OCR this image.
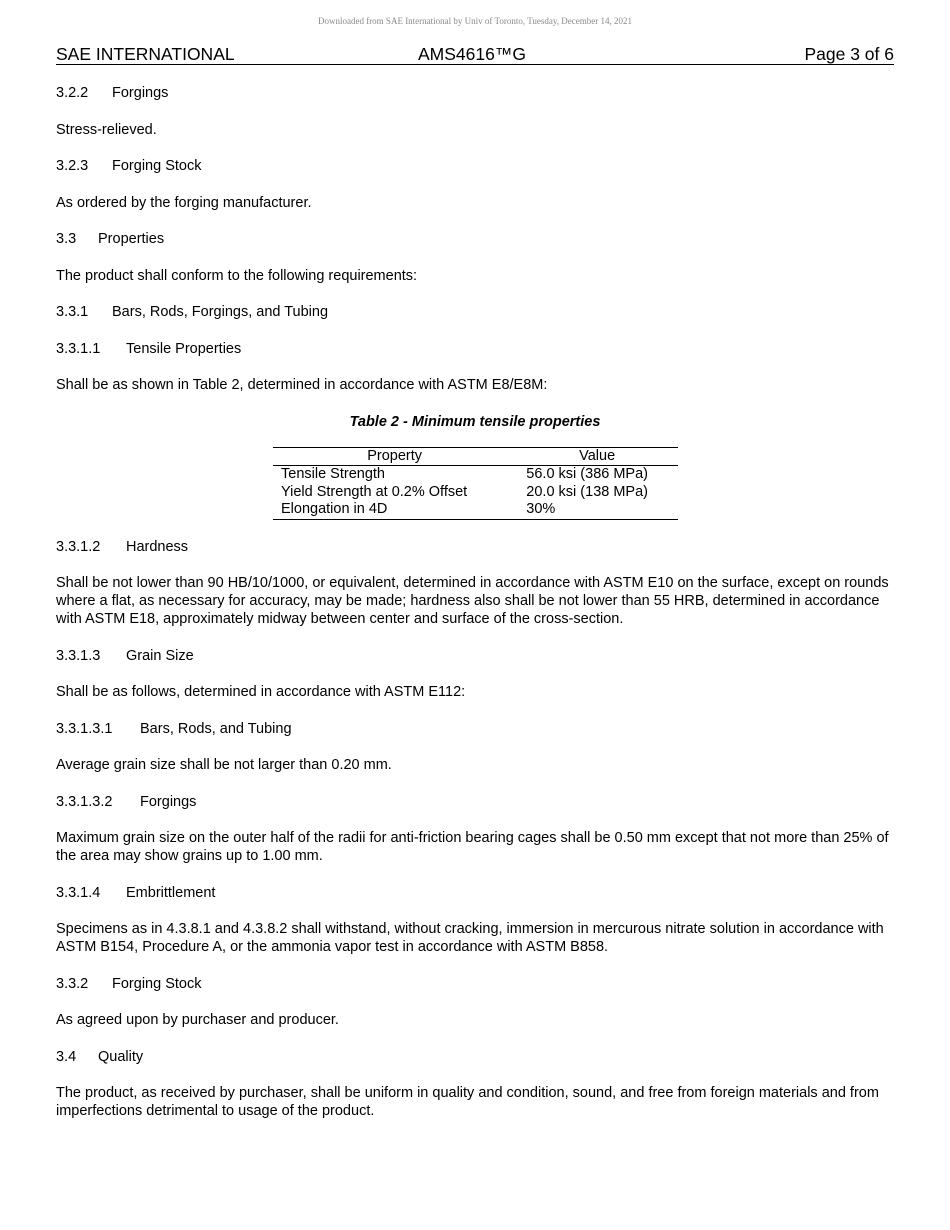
Downloaded from SAE International by Univ of Toronto, Tuesday, December 14, 2021
SAE INTERNATIONAL	AMS4616™G	Page 3 of 6

3.2.2 Forgings

Stress-relieved.

3.2.3 Forging Stock

As ordered by the forging manufacturer.

3.3 Properties

The product shall conform to the following requirements:

3.3.1 Bars, Rods, Forgings, and Tubing

3.3.1.1 Tensile Properties

Shall be as shown in Table 2, determined in accordance with ASTM E8/E8M:

Table 2 - Minimum tensile properties

Property	Value
Tensile Strength	56.0 ksi (386 MPa)
Yield Strength at 0.2% Offset	20.0 ksi (138 MPa)
Elongation in 4D	30%

3.3.1.2 Hardness

Shall be not lower than 90 HB/10/1000, or equivalent, determined in accordance with ASTM E10 on the surface, except on rounds where a flat, as necessary for accuracy, may be made; hardness also shall be not lower than 55 HRB, determined in accordance with ASTM E18, approximately midway between center and surface of the cross-section.

3.3.1.3 Grain Size

Shall be as follows, determined in accordance with ASTM E112:

3.3.1.3.1 Bars, Rods, and Tubing

Average grain size shall be not larger than 0.20 mm.

3.3.1.3.2 Forgings

Maximum grain size on the outer half of the radii for anti-friction bearing cages shall be 0.50 mm except that not more than 25% of the area may show grains up to 1.00 mm.

3.3.1.4 Embrittlement

Specimens as in 4.3.8.1 and 4.3.8.2 shall withstand, without cracking, immersion in mercurous nitrate solution in accordance with ASTM B154, Procedure A, or the ammonia vapor test in accordance with ASTM B858.

3.3.2 Forging Stock

As agreed upon by purchaser and producer.

3.4 Quality

The product, as received by purchaser, shall be uniform in quality and condition, sound, and free from foreign materials and from imperfections detrimental to usage of the product.
